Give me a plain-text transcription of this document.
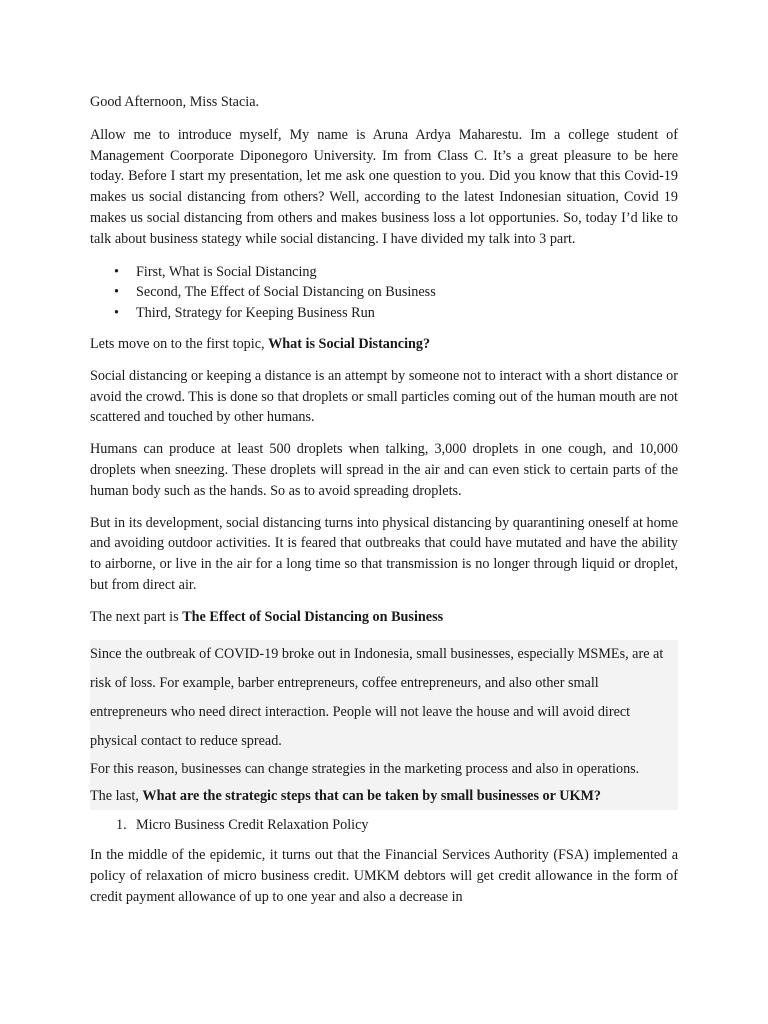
Good Afternoon, Miss Stacia.

Allow me to introduce myself, My name is Aruna Ardya Maharestu. Im a college student of Management Coorporate Diponegoro University. Im from Class C. It’s a great pleasure to be here today. Before I start my presentation, let me ask one question to you. Did you know that this Covid-19 makes us social distancing from others? Well, according to the latest Indonesian situation, Covid 19 makes us social distancing from others and makes business loss a lot opportunies. So, today I’d like to talk about business stategy while social distancing. I have divided my talk into 3 part.

• First, What is Social Distancing
• Second, The Effect of Social Distancing on Business
• Third, Strategy for Keeping Business Run

Lets move on to the first topic, What is Social Distancing?

Social distancing or keeping a distance is an attempt by someone not to interact with a short distance or avoid the crowd. This is done so that droplets or small particles coming out of the human mouth are not scattered and touched by other humans.

Humans can produce at least 500 droplets when talking, 3,000 droplets in one cough, and 10,000 droplets when sneezing. These droplets will spread in the air and can even stick to certain parts of the human body such as the hands. So as to avoid spreading droplets.

But in its development, social distancing turns into physical distancing by quarantining oneself at home and avoiding outdoor activities. It is feared that outbreaks that could have mutated and have the ability to airborne, or live in the air for a long time so that transmission is no longer through liquid or droplet, but from direct air.

The next part is The Effect of Social Distancing on Business

Since the outbreak of COVID-19 broke out in Indonesia, small businesses, especially MSMEs, are at risk of loss. For example, barber entrepreneurs, coffee entrepreneurs, and also other small entrepreneurs who need direct interaction. People will not leave the house and will avoid direct physical contact to reduce spread.

For this reason, businesses can change strategies in the marketing process and also in operations.

The last, What are the strategic steps that can be taken by small businesses or UKM?

1. Micro Business Credit Relaxation Policy

In the middle of the epidemic, it turns out that the Financial Services Authority (FSA) implemented a policy of relaxation of micro business credit. UMKM debtors will get credit allowance in the form of credit payment allowance of up to one year and also a decrease in
